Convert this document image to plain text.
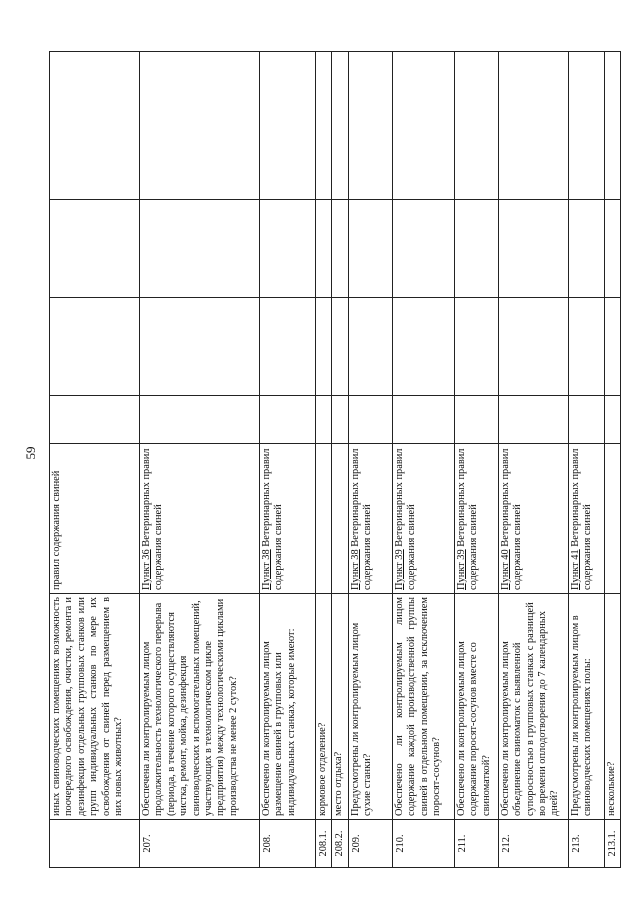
59
	иных свиноводческих помещениях возможность поочередного освобождения, очистки, ремонта и дезинфекции отдельных групповых станков или групп индивидуальных станков по мере их освобождения от свиней перед размещением в них новых животных?	правил содержания свиней				
207.	Обеспечена ли контролируемым лицом продолжительность технологического перерыва (периода, в течение которого осуществляются чистка, ремонт, мойка, дезинфекция свиноводческих и вспомогательных помещений, участвующих в технологическом цикле предприятия) между технологическими циклами производства не менее 2 суток?	Пункт 36 Ветеринарных правил содержания свиней				
208.	Обеспечено ли контролируемым лицом размещение свиней в групповых или индивидуальных станках, которые имеют:	Пункт 38 Ветеринарных правил содержания свиней				
208.1.	кормовое отделение?					
208.2.	место отдыха?					
209.	Предусмотрены ли контролируемым лицом сухие станки?	Пункт 38 Ветеринарных правил содержания свиней				
210.	Обеспечено ли контролируемым лицом содержание каждой производственной группы свиней в отдельном помещении, за исключением поросят-сосунов?	Пункт 39 Ветеринарных правил содержания свиней				
211.	Обеспечено ли контролируемым лицом содержание поросят-сосунов вместе со свиноматкой?	Пункт 39 Ветеринарных правил содержания свиней				
212.	Обеспечено ли контролируемым лицом объединение свиноматок с выявленной супоросностью в групповых станках с разницей во времени оплодотворения до 7 календарных дней?	Пункт 40 Ветеринарных правил содержания свиней				
213.	Предусмотрены ли контролируемым лицом в свиноводческих помещениях полы:	Пункт 41 Ветеринарных правил содержания свиней				
213.1.	несколькие?					
